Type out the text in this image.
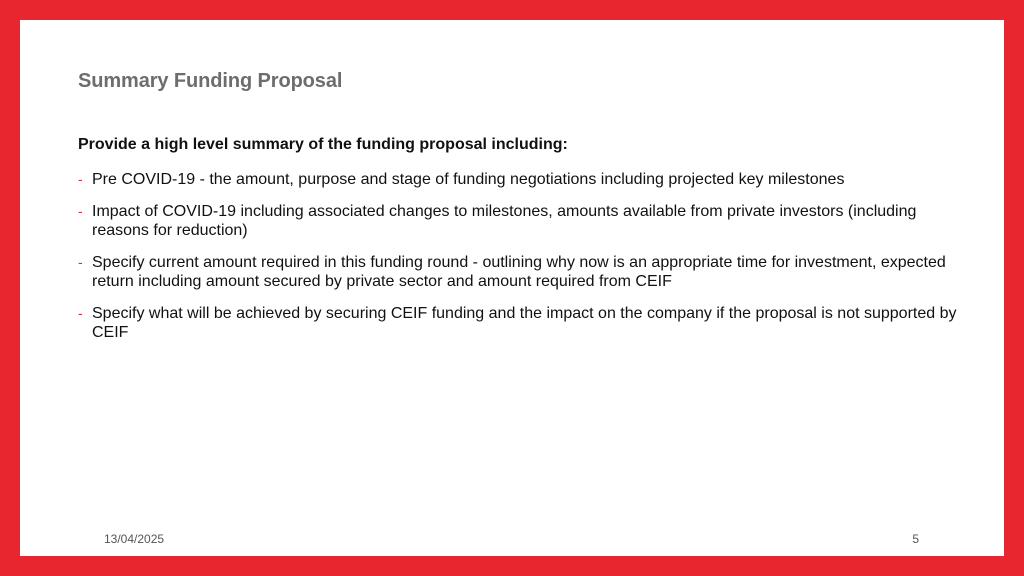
Summary Funding Proposal
Provide a high level summary of the funding proposal including:
- Pre COVID-19 - the amount, purpose and stage of funding negotiations including projected key milestones
- Impact of COVID-19 including associated changes to milestones, amounts available from private investors (including reasons for reduction)
- Specify current amount required in this funding round - outlining why now is an appropriate time for investment, expected return including amount secured by private sector and amount required from CEIF
- Specify what will be achieved by securing CEIF funding and the impact on the company if the proposal is not supported by CEIF
13/04/2025	5
